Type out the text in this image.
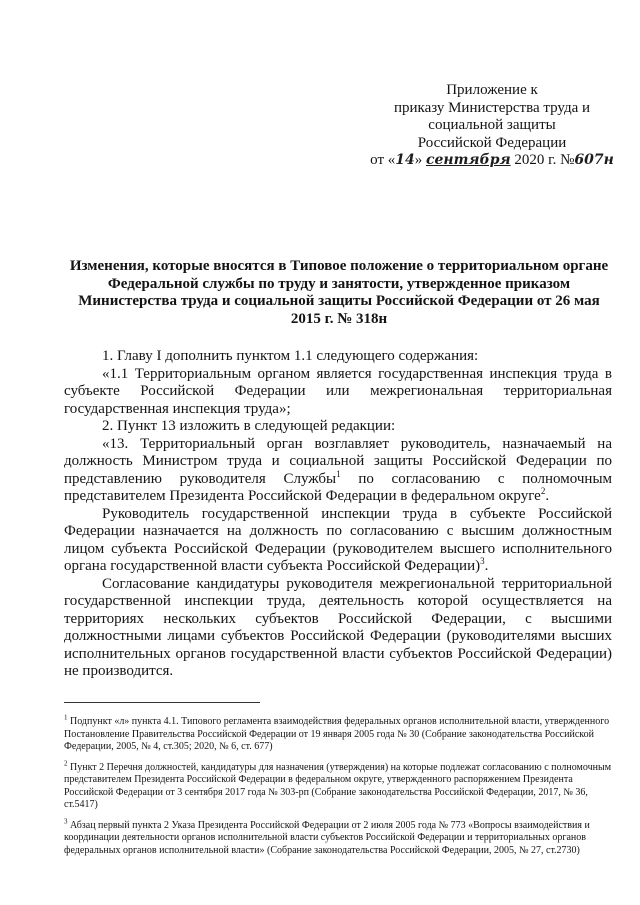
Приложение к
приказу Министерства труда и
социальной защиты
Российской Федерации
от «14» сентября 2020 г. №607н
Изменения, которые вносятся в Типовое положение о территориальном органе Федеральной службы по труду и занятости, утвержденное приказом Министерства труда и социальной защиты Российской Федерации от 26 мая 2015 г. № 318н

1. Главу I дополнить пунктом 1.1 следующего содержания:

«1.1 Территориальным органом является государственная инспекция труда в субъекте Российской Федерации или межрегиональная территориальная государственная инспекция труда»;

2. Пункт 13 изложить в следующей редакции:

«13. Территориальный орган возглавляет руководитель, назначаемый на должность Министром труда и социальной защиты Российской Федерации по представлению руководителя Службы$^1$ по согласованию с полномочным представителем Президента Российской Федерации в федеральном округе$^2$.

Руководитель государственной инспекции труда в субъекте Российской Федерации назначается на должность по согласованию с высшим должностным лицом субъекта Российской Федерации (руководителем высшего исполнительного органа государственной власти субъекта Российской Федерации)$^3$.

Согласование кандидатуры руководителя межрегиональной территориальной государственной инспекции труда, деятельность которой осуществляется на территориях нескольких субъектов Российской Федерации, с высшими должностными лицами субъектов Российской Федерации (руководителями высших исполнительных органов государственной власти субъектов Российской Федерации) не производится.

$^1$ Подпункт «л» пункта 4.1. Типового регламента взаимодействия федеральных органов исполнительной власти, утвержденного Постановление Правительства Российской Федерации от 19 января 2005 года № 30 (Собрание законодательства Российской Федерации, 2005, № 4, ст.305; 2020, № 6, ст. 677)

$^2$ Пункт 2 Перечня должностей, кандидатуры для назначения (утверждения) на которые подлежат согласованию с полномочным представителем Президента Российской Федерации в федеральном округе, утвержденного распоряжением Президента Российской Федерации от 3 сентября 2017 года № 303-рп (Собрание законодательства Российской Федерации, 2017, № 36, ст.5417)

$^3$ Абзац первый пункта 2 Указа Президента Российской Федерации от 2 июля 2005 года № 773 «Вопросы взаимодействия и координации деятельности органов исполнительной власти субъектов Российской Федерации и территориальных органов федеральных органов исполнительной власти» (Собрание законодательства Российской Федерации, 2005, № 27, ст.2730)
